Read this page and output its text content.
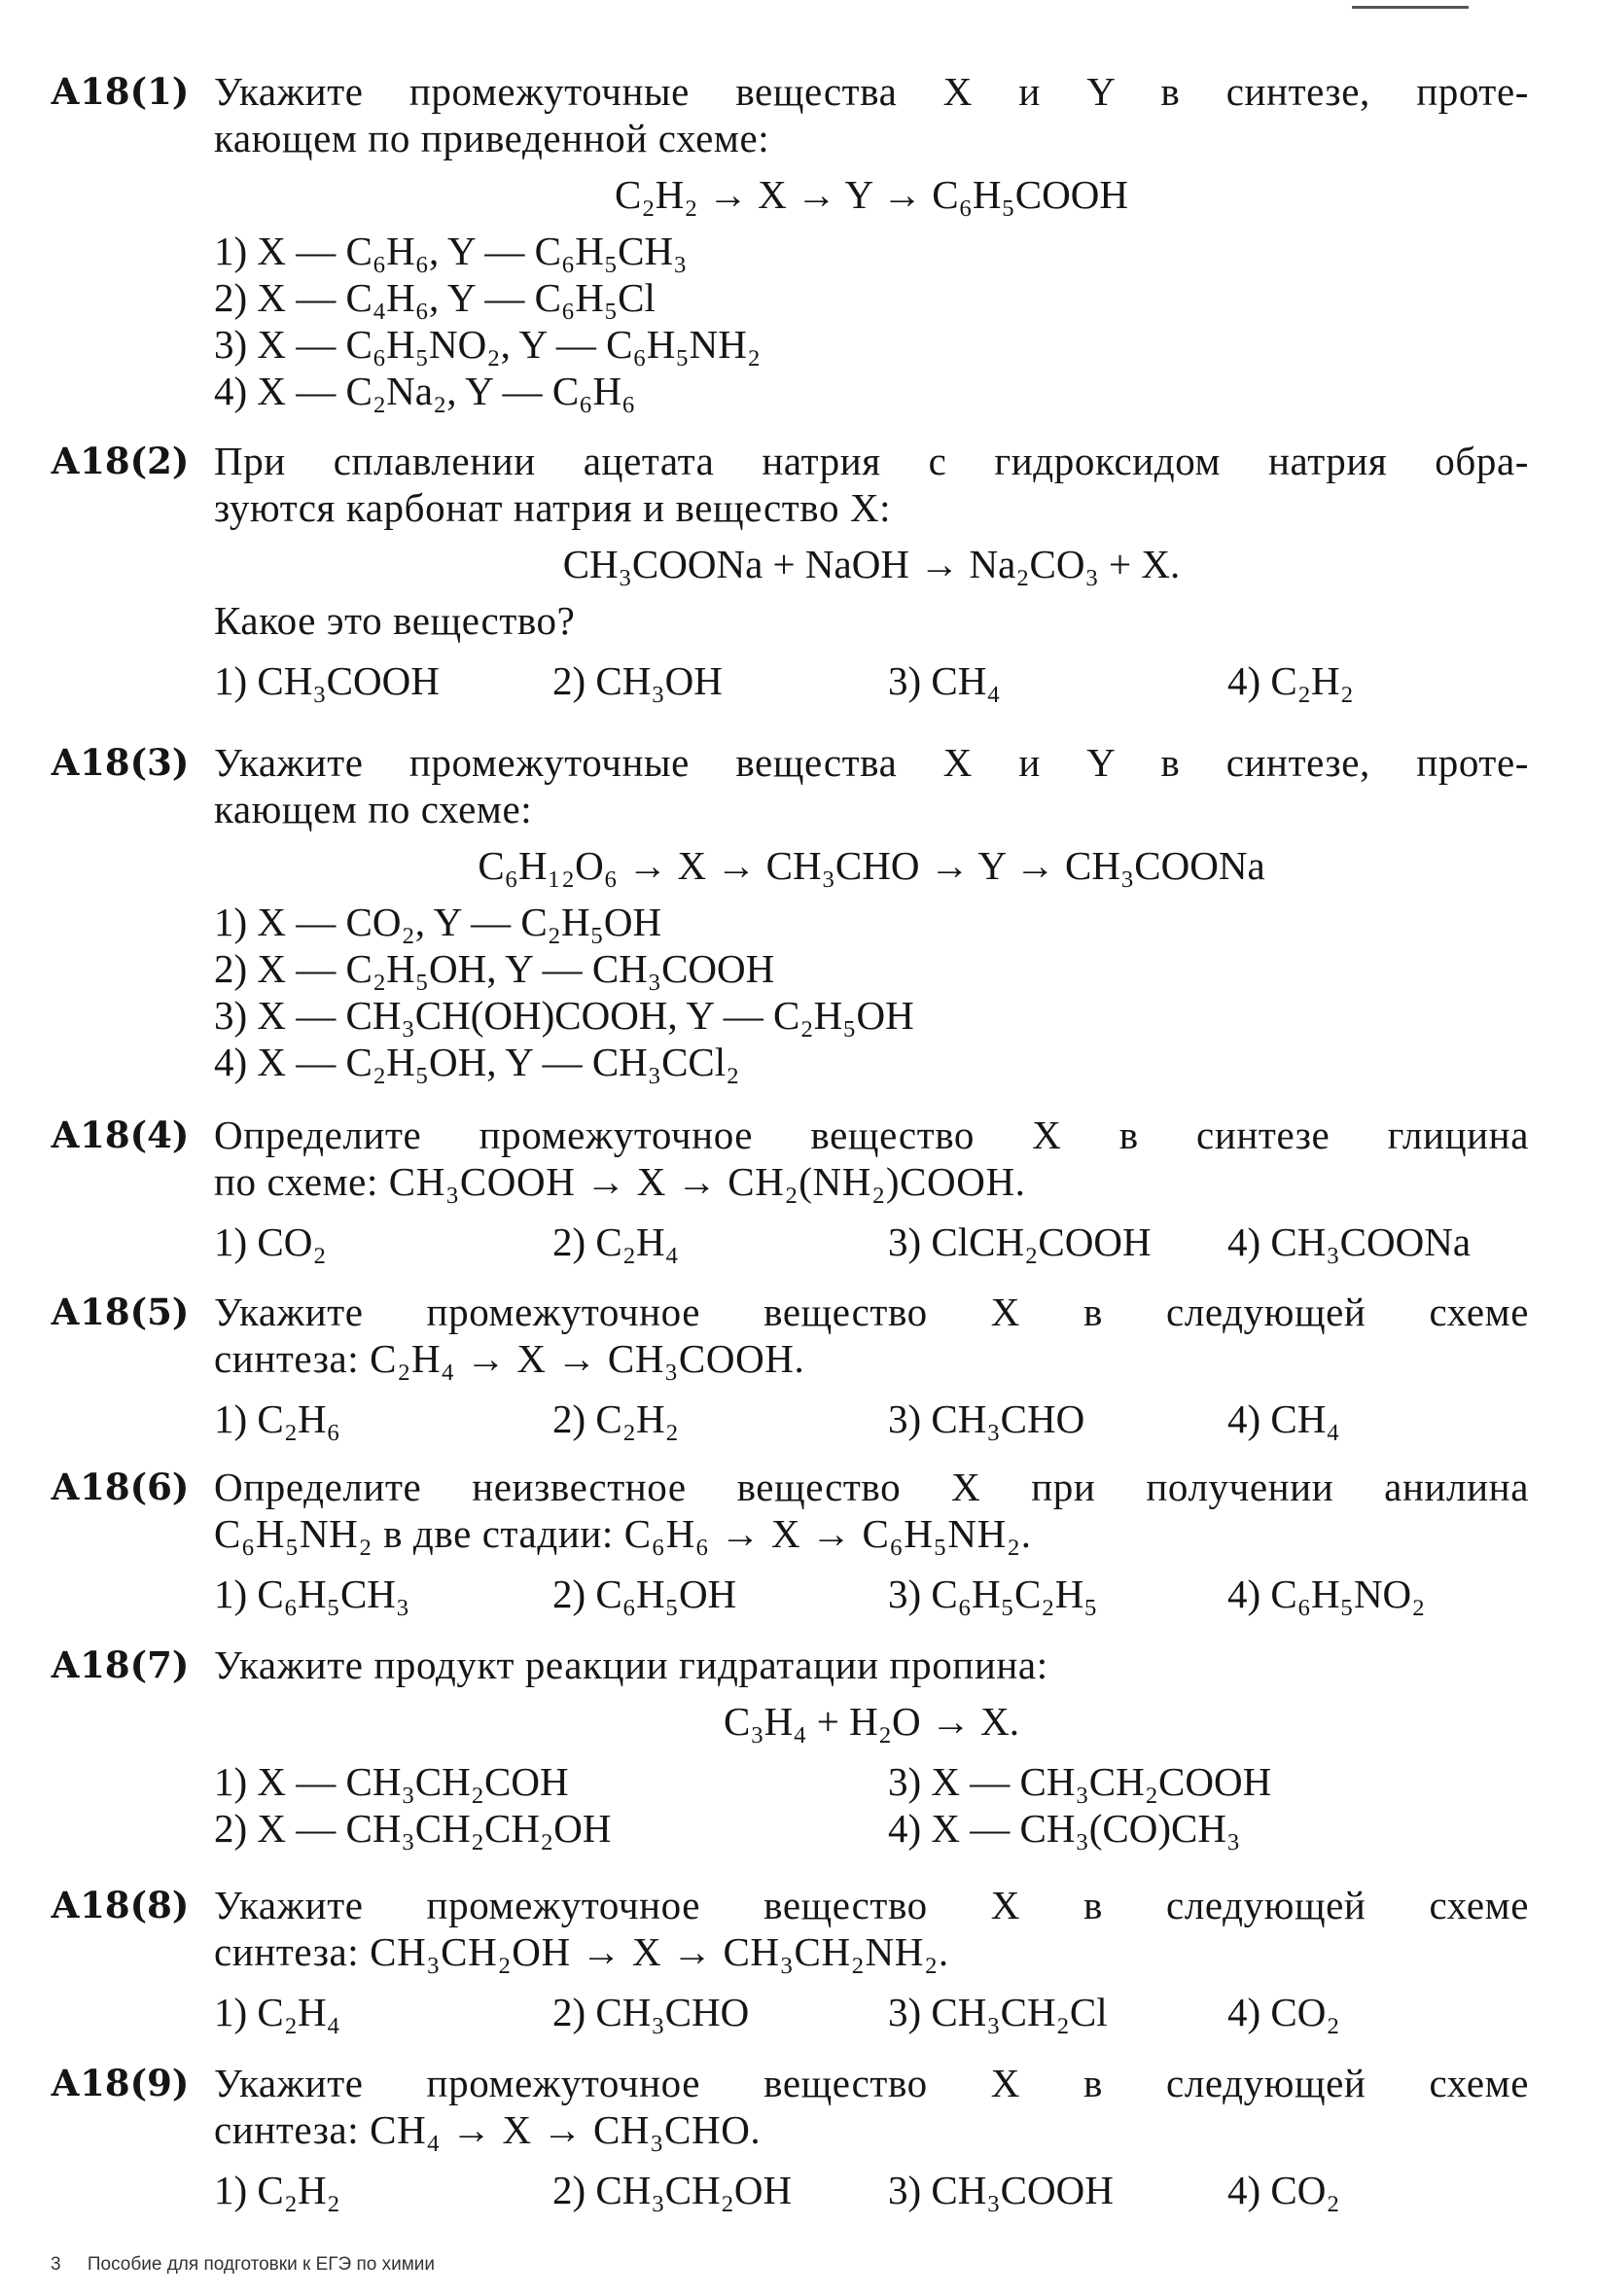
А18(1) Укажите промежуточные вещества X и Y в синтезе, проте-
кающем по приведенной схеме:
C₂H₂ → X → Y → C₆H₅COOH
1) X — C₆H₆, Y — C₆H₅CH₃
2) X — C₄H₆, Y — C₆H₅Cl
3) X — C₆H₅NO₂, Y — C₆H₅NH₂
4) X — C₂Na₂, Y — C₆H₆
А18(2) При сплавлении ацетата натрия с гидроксидом натрия обра-
зуются карбонат натрия и вещество X:
CH₃COONa + NaOH → Na₂CO₃ + X.
Какое это вещество?
1) CH₃COOH	2) CH₃OH	3) CH₄	4) C₂H₂
А18(3) Укажите промежуточные вещества X и Y в синтезе, проте-
кающем по схеме:
C₆H₁₂O₆ → X → CH₃CHO → Y → CH₃COONa
1) X — CO₂, Y — C₂H₅OH
2) X — C₂H₅OH, Y — CH₃COOH
3) X — CH₃CH(OH)COOH, Y — C₂H₅OH
4) X — C₂H₅OH, Y — CH₃CCl₂
А18(4) Определите промежуточное вещество X в синтезе глицина
по схеме: CH₃COOH → X → CH₂(NH₂)COOH.
1) CO₂	2) C₂H₄	3) ClCH₂COOH 4) CH₃COONa
А18(5) Укажите промежуточное вещество X в следующей схеме
синтеза: C₂H₄ → X → CH₃COOH.
1) C₂H₆	2) C₂H₂	3) CH₃CHO	4) CH₄
А18(6) Определите неизвестное вещество X при получении анилина
C₆H₅NH₂ в две стадии: C₆H₆ → X → C₆H₅NH₂.
1) C₆H₅CH₃	2) C₆H₅OH	3) C₆H₅C₂H₅	4) C₆H₅NO₂
А18(7) Укажите продукт реакции гидратации пропина:
C₃H₄ + H₂O → X.
1) X — CH₃CH₂COH
2) X — CH₃CH₂CH₂OH
3) X — CH₃CH₂COOH
4) X — CH₃(CO)CH₃
А18(8) Укажите промежуточное вещество X в следующей схеме
синтеза: CH₃CH₂OH → X → CH₃CH₂NH₂.
1) C₂H₄	2) CH₃CHO	3) CH₃CH₂Cl	4) CO₂
А18(9) Укажите промежуточное вещество X в следующей схеме
синтеза: CH₄ → X → CH₃CHO.
1) C₂H₂	2) CH₃CH₂OH 3) CH₃COOH	4) CO₂
3 Пособие для подготовки к ЕГЭ по химии
